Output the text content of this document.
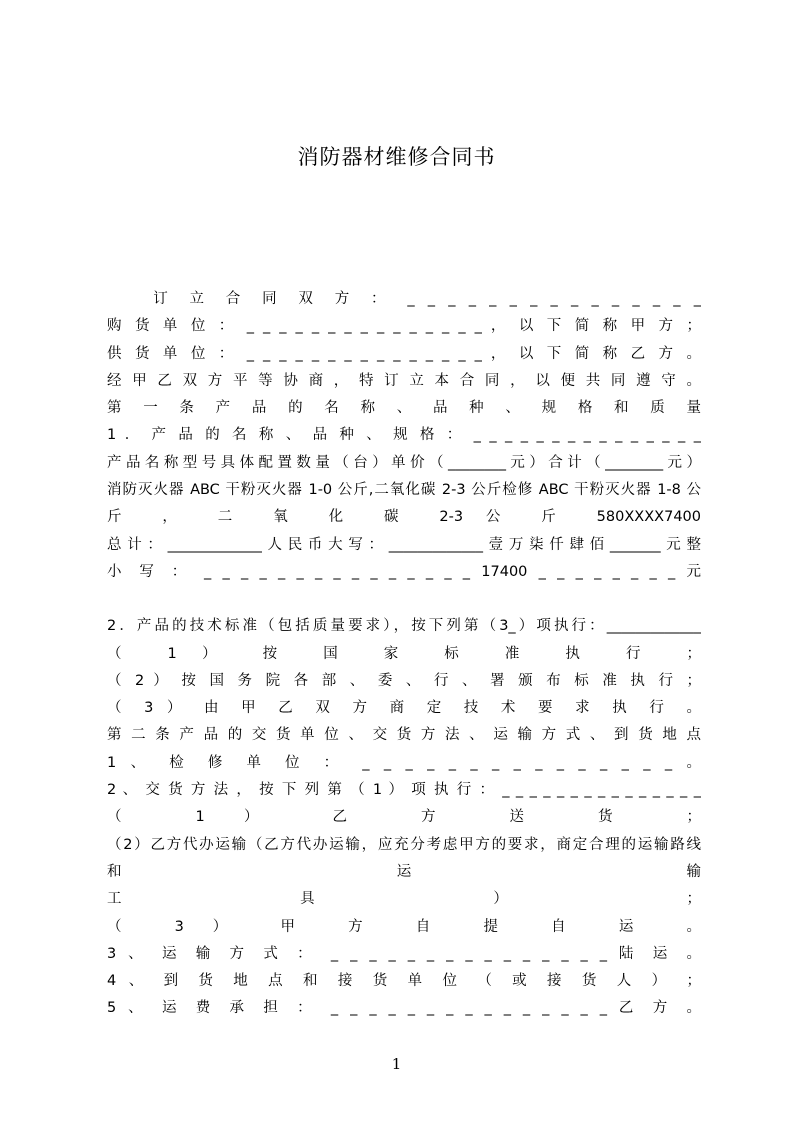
消防器材维修合同书
　　订 立 合 同 双 方 ： _ _ _ _ _ _ _ _ _ _ _ _ _ _ _
购 货 单 位 ： _ _ _ _ _ _ _ _ _ _ _ _ _ _ _ ， 以 下 简 称 甲 方 ；
供 货 单 位 ： _ _ _ _ _ _ _ _ _ _ _ _ _ _ _ ， 以 下 简 称 乙 方 。
经 甲 乙 双 方 平 等 协 商 ， 特 订 立 本 合 同 ， 以 便 共 同 遵 守 。
第 一 条 产 品 的 名 称 、 品 种 、 规 格 和 质 量
1 ． 产 品 的 名 称 、 品 种 、 规 格 ： _ _ _ _ _ _ _ _ _ _ _ _ _ _ _
产品名称型号具体配置数量（台）单价（________元）合计（________元）
消防灭火器 ABC 干粉灭火器 1-0 公斤,二氧化碳 2-3 公斤检修 ABC 干粉灭火器 1-8 公
斤 ， 二 氧 化 碳 2-3 公 斤 580XXXX7400
总计：_____________人民币大写：_____________壹万柒仟肆佰_______元整
小 写 ： _ _ _ _ _ _ _ _ _ _ _ _ _ _ _ 17400 _ _ _ _ _ _ _ _ 元
2．产品的技术标准（包括质量要求），按下列第（3_）项执行：_____________
（ 1 ） 按 国 家 标 准 执 行 ；
（ 2 ） 按 国 务 院 各 部 、 委 、 行 、 署 颁 布 标 准 执 行 ；
（ 3 ） 由 甲 乙 双 方 商 定 技 术 要 求 执 行 。
第 二 条 产 品 的 交 货 单 位 、 交 货 方 法 、 运 输 方 式 、 到 货 地 点
1 、 检 修 单 位 ： _ _ _ _ _ _ _ _ _ _ _ _ _ _ _ 。
2 、 交 货 方 法 ， 按 下 列 第 （ 1 ） 项 执 行 ： _ _ _ _ _ _ _ _ _ _ _ _ _ _ _
（ 1 ） 乙 方 送 货 ；
（2）乙方代办运输（乙方代办运输，应充分考虑甲方的要求，商定合理的运输路线
和 运 输
工 具 ） ；
（ 3 ） 甲 方 自 提 自 运 。
3 、 运 输 方 式 ： _ _ _ _ _ _ _ _ _ _ _ _ _ _ _ 陆 运 。
4 、 到 货 地 点 和 接 货 单 位 （ 或 接 货 人 ） ；
5 、 运 费 承 担 ： _ _ _ _ _ _ _ _ _ _ _ _ _ _ _ 乙 方 。
1
